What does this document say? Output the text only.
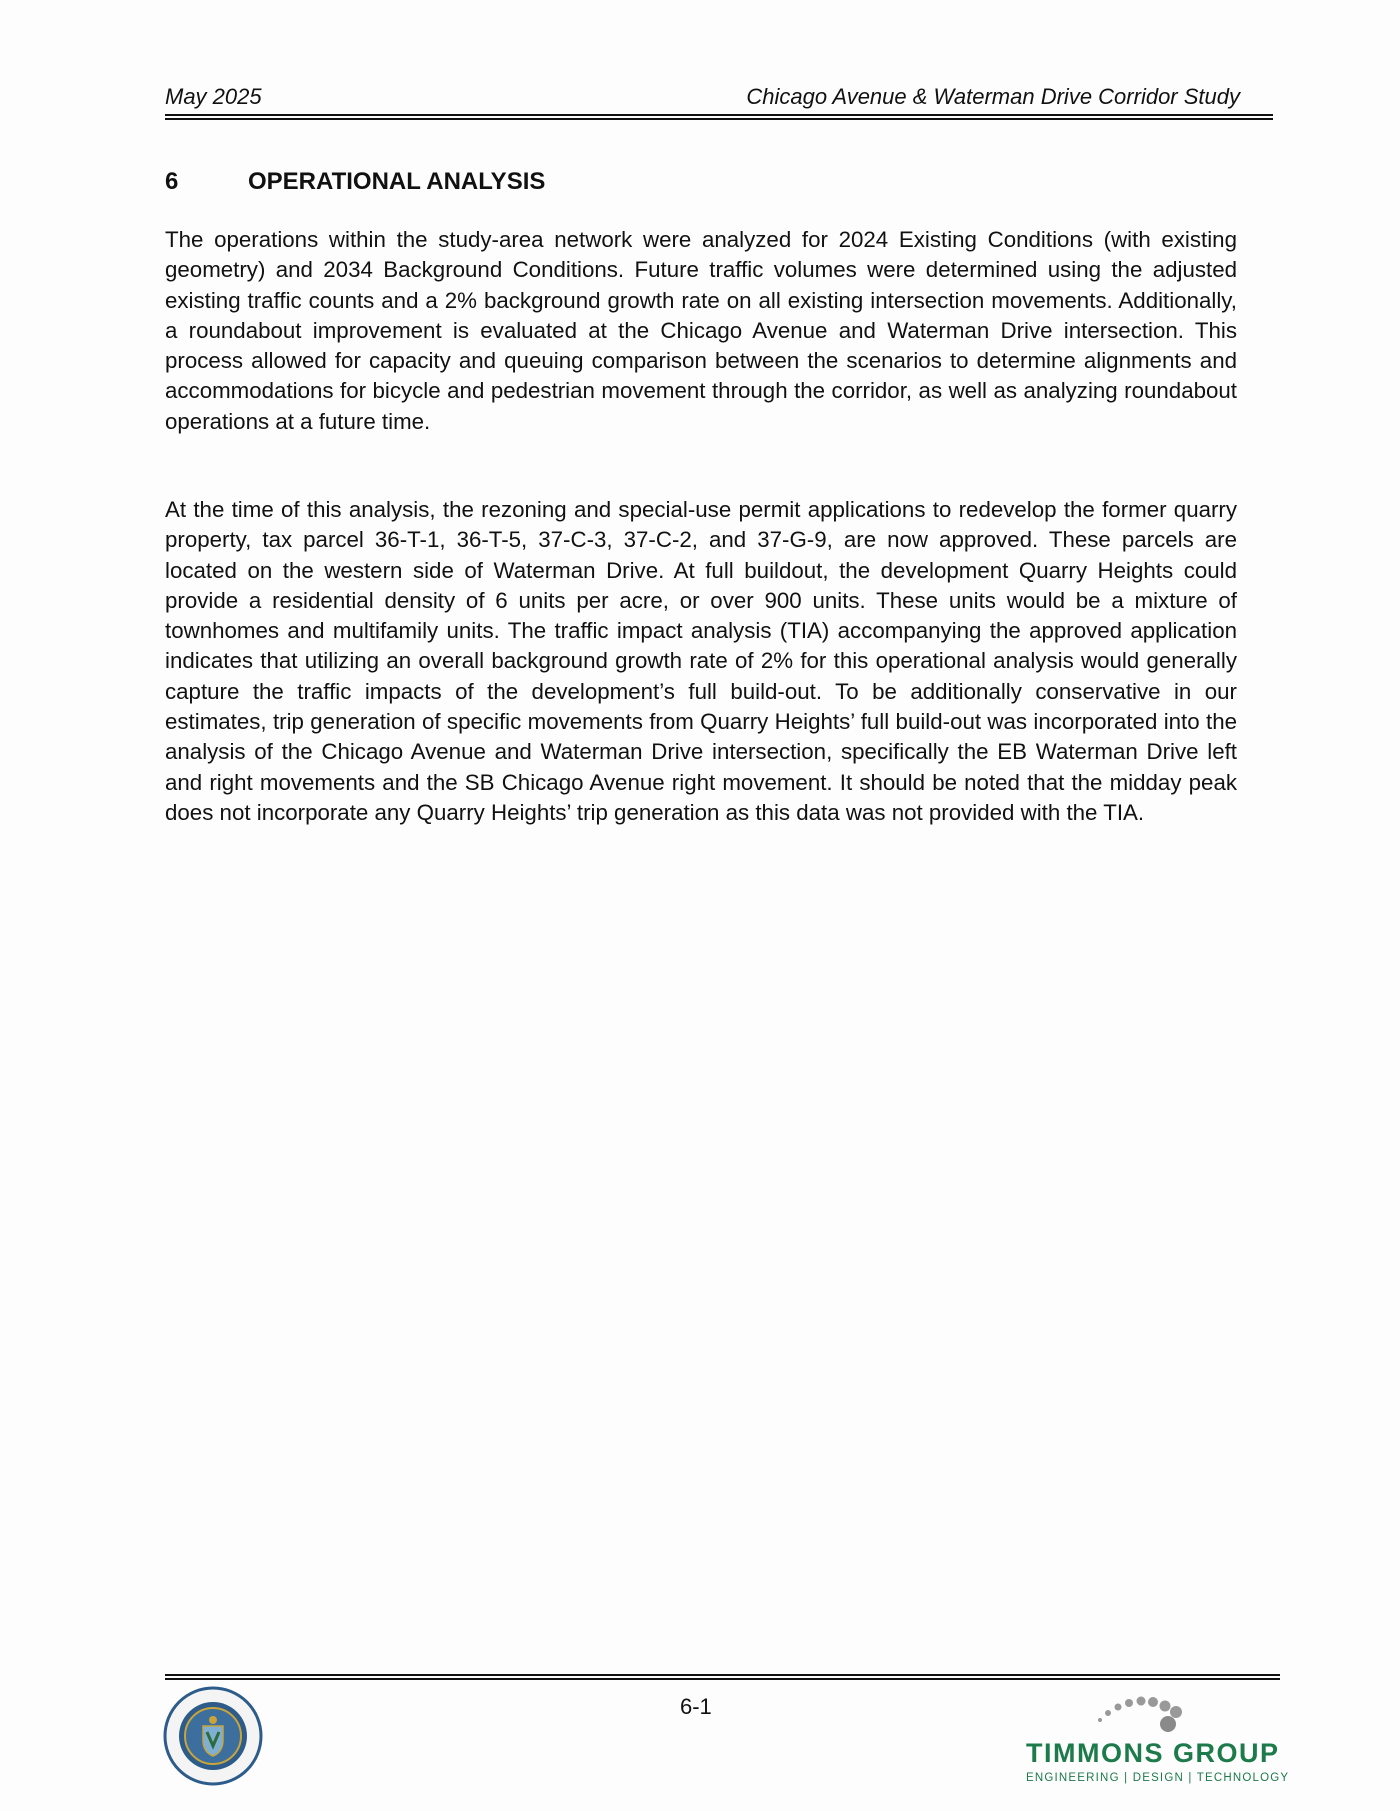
May 2025	Chicago Avenue & Waterman Drive Corridor Study
6	OPERATIONAL ANALYSIS

The operations within the study-area network were analyzed for 2024 Existing Conditions (with existing geometry) and 2034 Background Conditions. Future traffic volumes were determined using the adjusted existing traffic counts and a 2% background growth rate on all existing intersection movements. Additionally, a roundabout improvement is evaluated at the Chicago Avenue and Waterman Drive intersection. This process allowed for capacity and queuing comparison between the scenarios to determine alignments and accommodations for bicycle and pedestrian movement through the corridor, as well as analyzing roundabout operations at a future time.

At the time of this analysis, the rezoning and special-use permit applications to redevelop the former quarry property, tax parcel 36-T-1, 36-T-5, 37-C-3, 37-C-2, and 37-G-9, are now approved. These parcels are located on the western side of Waterman Drive. At full buildout, the development Quarry Heights could provide a residential density of 6 units per acre, or over 900 units. These units would be a mixture of townhomes and multifamily units. The traffic impact analysis (TIA) accompanying the approved application indicates that utilizing an overall background growth rate of 2% for this operational analysis would generally capture the traffic impacts of the development’s full build-out. To be additionally conservative in our estimates, trip generation of specific movements from Quarry Heights’ full build-out was incorporated into the analysis of the Chicago Avenue and Waterman Drive intersection, specifically the EB Waterman Drive left and right movements and the SB Chicago Avenue right movement. It should be noted that the midday peak does not incorporate any Quarry Heights’ trip generation as this data was not provided with the TIA.

6-1
TIMMONS GROUP
ENGINEERING | DESIGN | TECHNOLOGY
